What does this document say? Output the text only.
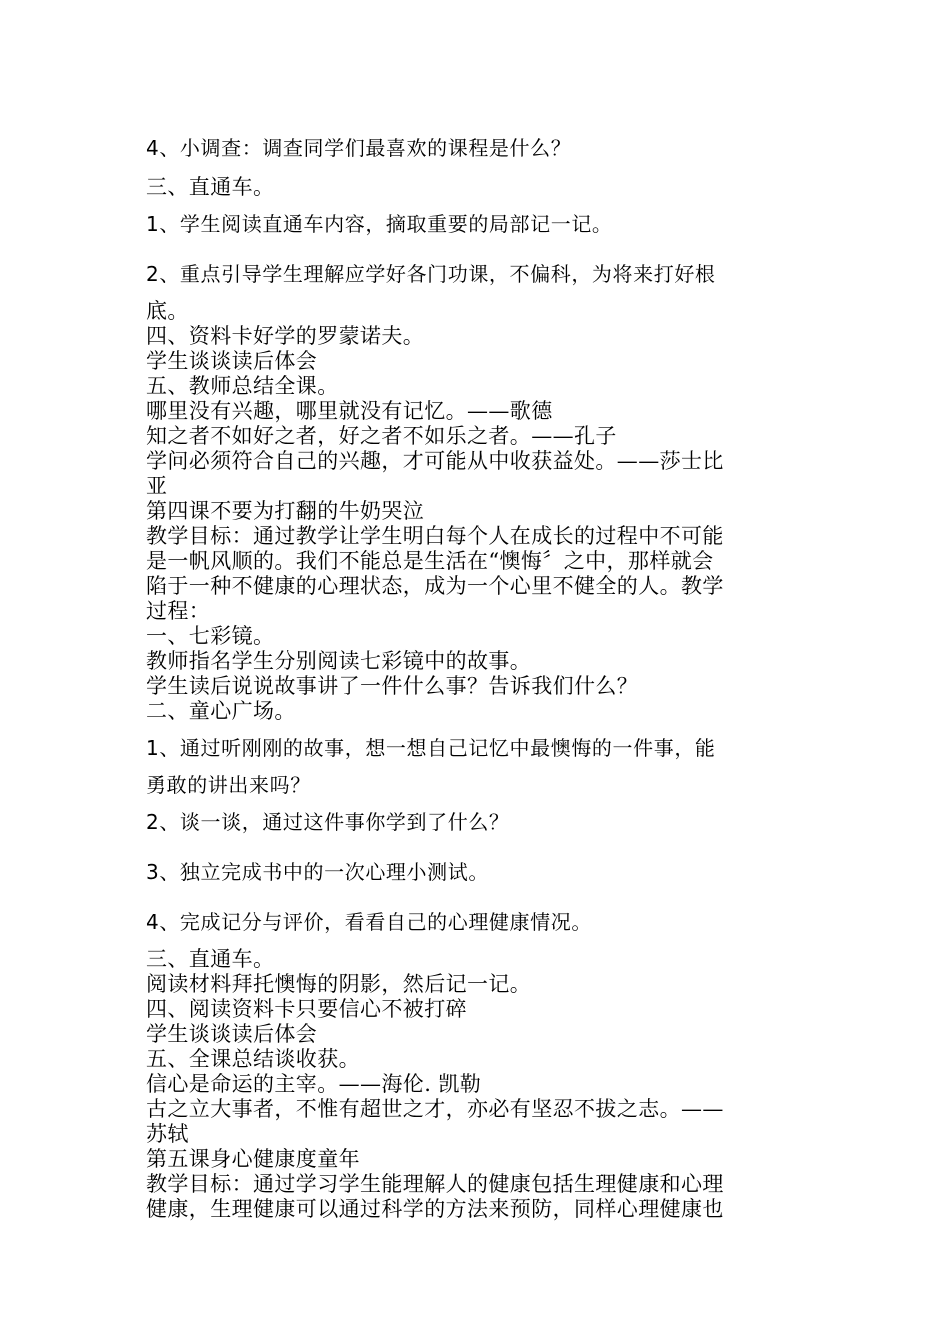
4、小调查：调查同学们最喜欢的课程是什么？

三、直通车。

1、学生阅读直通车内容，摘取重要的局部记一记。

2、重点引导学生理解应学好各门功课，不偏科，为将来打好根

底。

四、资料卡好学的罗蒙诺夫。

学生谈谈读后体会

五、教师总结全课。

哪里没有兴趣，哪里就没有记忆。——歌德

知之者不如好之者，好之者不如乐之者。——孔子

学问必须符合自己的兴趣，才可能从中收获益处。——莎士比

亚

第四课不要为打翻的牛奶哭泣

教学目标：通过教学让学生明白每个人在成长的过程中不可能

是一帆风顺的。我们不能总是生活在“懊悔〞之中，那样就会

陷于一种不健康的心理状态，成为一个心里不健全的人。教学

过程：

一、七彩镜。

教师指名学生分别阅读七彩镜中的故事。

学生读后说说故事讲了一件什么事？告诉我们什么？

二、童心广场。

1、通过听刚刚的故事，想一想自己记忆中最懊悔的一件事，能

勇敢的讲出来吗？

2、谈一谈，通过这件事你学到了什么？

3、独立完成书中的一次心理小测试。

4、完成记分与评价，看看自己的心理健康情况。

三、直通车。

阅读材料拜托懊悔的阴影，然后记一记。

四、阅读资料卡只要信心不被打碎

学生谈谈读后体会

五、全课总结谈收获。

信心是命运的主宰。——海伦. 凯勒

古之立大事者，不惟有超世之才，亦必有坚忍不拔之志。——

苏轼

第五课身心健康度童年

教学目标：通过学习学生能理解人的健康包括生理健康和心理

健康，生理健康可以通过科学的方法来预防，同样心理健康也
